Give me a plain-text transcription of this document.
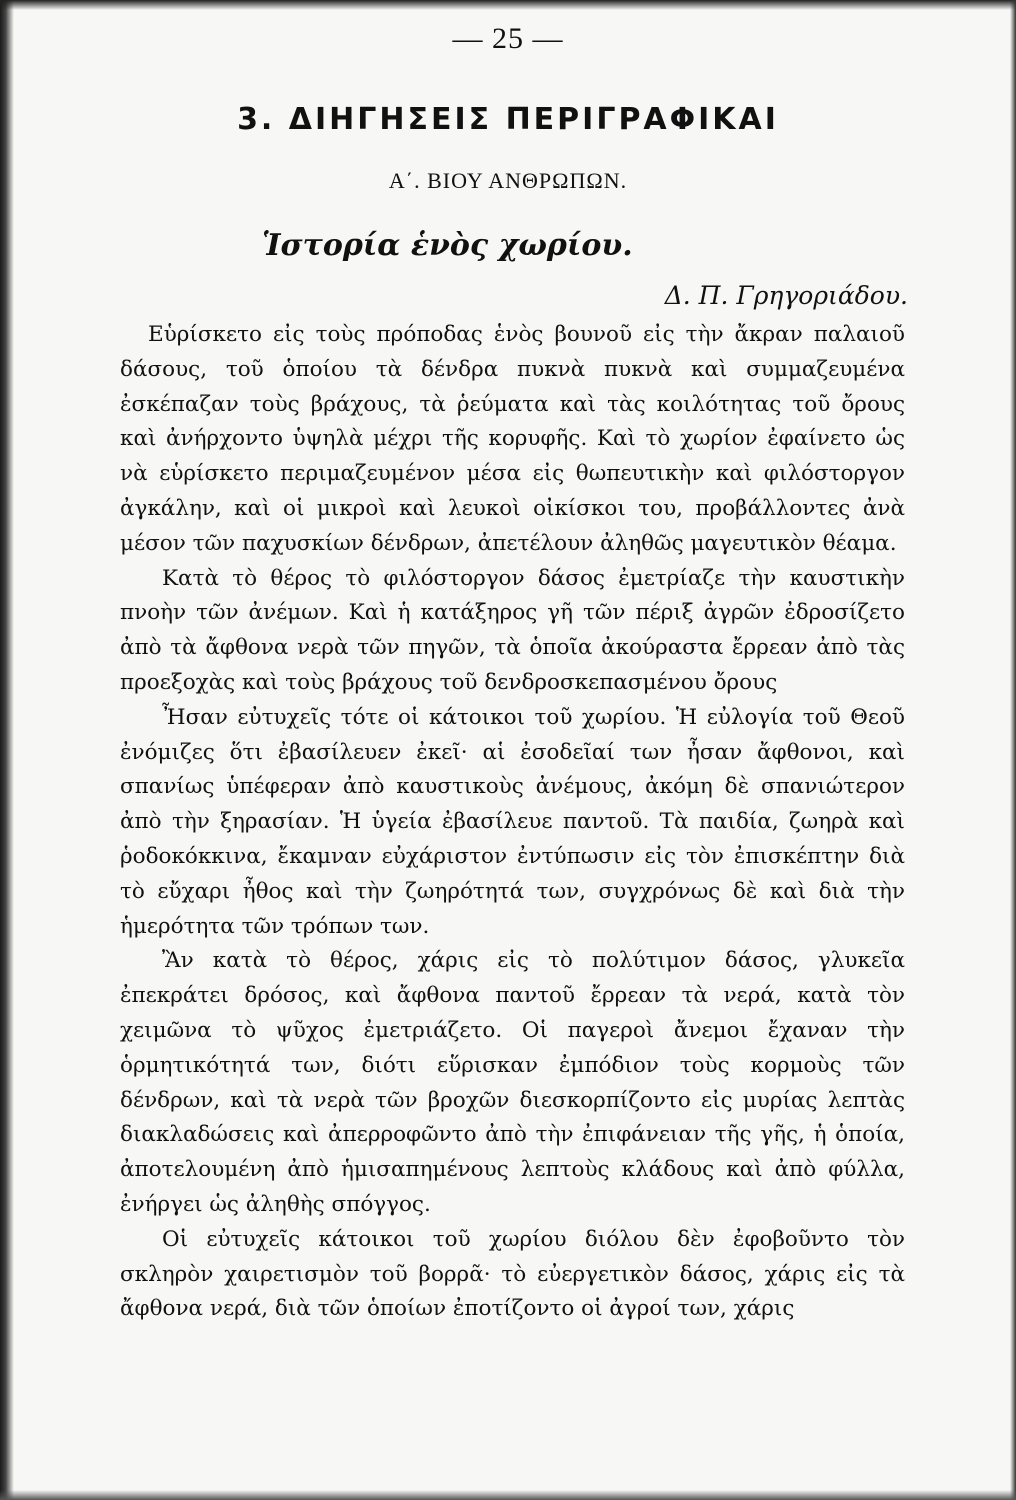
— 25 —
3. ΔΙΗΓΗΣΕΙΣ ΠΕΡΙΓΡΑΦΙΚΑΙ
Α΄. ΒΙΟΥ ΑΝΘΡΩΠΩΝ.
Ἱστορία ἑνὸς χωρίου.
Δ. Π. Γρηγοριάδου.

Εὑρίσκετο εἰς τοὺς πρόποδας ἑνὸς βουνοῦ εἰς τὴν ἄκραν παλαιοῦ δάσους, τοῦ ὁποίου τὰ δένδρα πυκνὰ πυκνὰ καὶ συμμαζευμένα ἐσκέπαζαν τοὺς βράχους, τὰ ῥεύματα καὶ τὰς κοιλότητας τοῦ ὄρους καὶ ἀνήρχοντο ὑψηλὰ μέχρι τῆς κορυφῆς. Καὶ τὸ χωρίον ἐφαίνετο ὡς νὰ εὑρίσκετο περιμαζευμένον μέσα εἰς θωπευτικὴν καὶ φιλόστοργον ἀγκάλην, καὶ οἱ μικροὶ καὶ λευκοὶ οἰκίσκοι του, προβάλλοντες ἀνὰ μέσον τῶν παχυσκίων δένδρων, ἀπετέλουν ἀληθῶς μαγευτικὸν θέαμα.

Κατὰ τὸ θέρος τὸ φιλόστοργον δάσος ἐμετρίαζε τὴν καυστικὴν πνοὴν τῶν ἀνέμων. Καὶ ἡ κατάξηρος γῆ τῶν πέριξ ἀγρῶν ἐδροσίζετο ἀπὸ τὰ ἄφθονα νερὰ τῶν πηγῶν, τὰ ὁποῖα ἀκούραστα ἔρρεαν ἀπὸ τὰς προεξοχὰς καὶ τοὺς βράχους τοῦ δενδροσκεπασμένου ὄρους

Ἦσαν εὐτυχεῖς τότε οἱ κάτοικοι τοῦ χωρίου. Ἡ εὐλογία τοῦ Θεοῦ ἐνόμιζες ὅτι ἐβασίλευεν ἐκεῖ· αἱ ἐσοδεῖαί των ἦσαν ἄφθονοι, καὶ σπανίως ὑπέφεραν ἀπὸ καυστικοὺς ἀνέμους, ἀκόμη δὲ σπανιώτερον ἀπὸ τὴν ξηρασίαν. Ἡ ὑγεία ἐβασίλευε παντοῦ. Τὰ παιδία, ζωηρὰ καὶ ῥοδοκόκκινα, ἔκαμναν εὐχάριστον ἐντύπωσιν εἰς τὸν ἐπισκέπτην διὰ τὸ εὔχαρι ἦθος καὶ τὴν ζωηρότητά των, συγχρόνως δὲ καὶ διὰ τὴν ἡμερότητα τῶν τρόπων των.

Ἂν κατὰ τὸ θέρος, χάρις εἰς τὸ πολύτιμον δάσος, γλυκεῖα ἐπεκράτει δρόσος, καὶ ἄφθονα παντοῦ ἔρρεαν τὰ νερά, κατὰ τὸν χειμῶνα τὸ ψῦχος ἐμετριάζετο. Οἱ παγεροὶ ἄνεμοι ἔχαναν τὴν ὁρμητικότητά των, διότι εὕρισκαν ἐμπόδιον τοὺς κορμοὺς τῶν δένδρων, καὶ τὰ νερὰ τῶν βροχῶν διεσκορπίζοντο εἰς μυρίας λεπτὰς διακλαδώσεις καὶ ἀπερροφῶντο ἀπὸ τὴν ἐπιφάνειαν τῆς γῆς, ἡ ὁποία, ἀποτελουμένη ἀπὸ ἡμισαπημένους λεπτοὺς κλάδους καὶ ἀπὸ φύλλα, ἐνήργει ὡς ἀληθὴς σπόγγος.

Οἱ εὐτυχεῖς κάτοικοι τοῦ χωρίου διόλου δὲν ἐφοβοῦντο τὸν σκληρὸν χαιρετισμὸν τοῦ βορρᾶ· τὸ εὐεργετικὸν δάσος, χάρις εἰς τὰ ἄφθονα νερά, διὰ τῶν ὁποίων ἐποτίζοντο οἱ ἀγροί των, χάρις
